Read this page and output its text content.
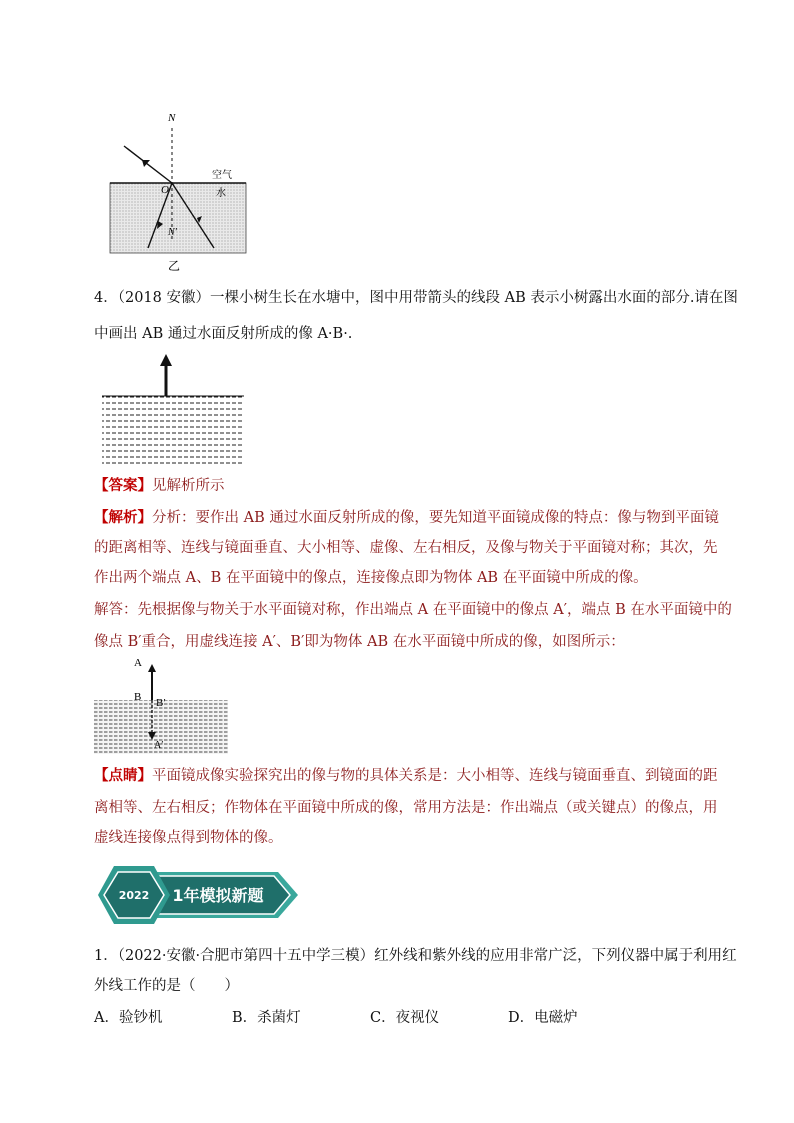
N
O
N'
空气
水
乙
4．（2018 安徽）一棵小树生长在水塘中，图中用带箭头的线段 AB 表示小树露出水面的部分.请在图
中画出 AB 通过水面反射所成的像 A·B·.
【答案】见解析所示
【解析】分析：要作出 AB 通过水面反射所成的像，要先知道平面镜成像的特点：像与物到平面镜
的距离相等、连线与镜面垂直、大小相等、虚像、左右相反，及像与物关于平面镜对称；其次，先
作出两个端点 A、B 在平面镜中的像点，连接像点即为物体 AB 在平面镜中所成的像。
解答：先根据像与物关于水平面镜对称，作出端点 A 在平面镜中的像点 A′，端点 B 在水平面镜中的
像点 B′重合，用虚线连接 A′、B′即为物体 AB 在水平面镜中所成的像，如图所示：
A
B B′
A′
【点睛】平面镜成像实验探究出的像与物的具体关系是：大小相等、连线与镜面垂直、到镜面的距
离相等、左右相反；作物体在平面镜中所成的像，常用方法是：作出端点（或关键点）的像点，用
虚线连接像点得到物体的像。
2022 1年模拟新题
1．（2022·安徽·合肥市第四十五中学三模）红外线和紫外线的应用非常广泛，下列仪器中属于利用红
外线工作的是（　　）
A．验钞机	B．杀菌灯	C．夜视仪	D．电磁炉
